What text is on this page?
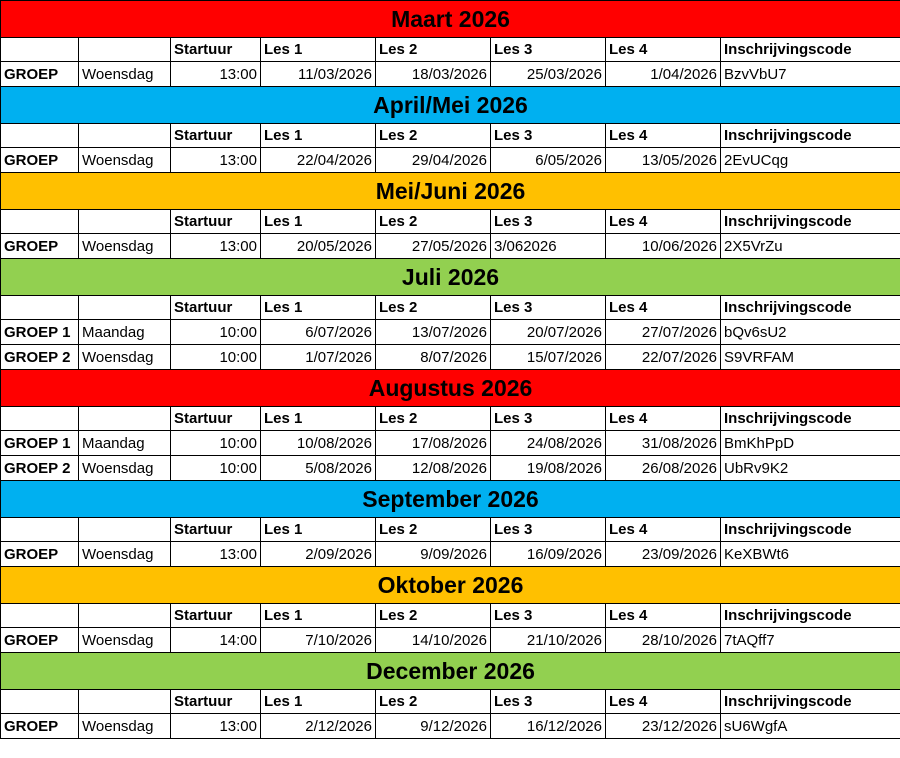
Maart 2026							
		Startuur	Les 1	Les 2	Les 3	Les 4	Inschrijvingscode
GROEP	Woensdag	13:00	11/03/2026	18/03/2026	25/03/2026	1/04/2026	BzvVbU7
April/Mei 2026							
		Startuur	Les 1	Les 2	Les 3	Les 4	Inschrijvingscode
GROEP	Woensdag	13:00	22/04/2026	29/04/2026	6/05/2026	13/05/2026	2EvUCqg
Mei/Juni 2026							
		Startuur	Les 1	Les 2	Les 3	Les 4	Inschrijvingscode
GROEP	Woensdag	13:00	20/05/2026	27/05/2026	3/062026	10/06/2026	2X5VrZu
Juli 2026							
		Startuur	Les 1	Les 2	Les 3	Les 4	Inschrijvingscode
GROEP 1	Maandag	10:00	6/07/2026	13/07/2026	20/07/2026	27/07/2026	bQv6sU2
GROEP 2	Woensdag	10:00	1/07/2026	8/07/2026	15/07/2026	22/07/2026	S9VRFAM
Augustus 2026							
		Startuur	Les 1	Les 2	Les 3	Les 4	Inschrijvingscode
GROEP 1	Maandag	10:00	10/08/2026	17/08/2026	24/08/2026	31/08/2026	BmKhPpD
GROEP 2	Woensdag	10:00	5/08/2026	12/08/2026	19/08/2026	26/08/2026	UbRv9K2
September 2026							
		Startuur	Les 1	Les 2	Les 3	Les 4	Inschrijvingscode
GROEP	Woensdag	13:00	2/09/2026	9/09/2026	16/09/2026	23/09/2026	KeXBWt6
Oktober 2026							
		Startuur	Les 1	Les 2	Les 3	Les 4	Inschrijvingscode
GROEP	Woensdag	14:00	7/10/2026	14/10/2026	21/10/2026	28/10/2026	7tAQff7
December 2026							
		Startuur	Les 1	Les 2	Les 3	Les 4	Inschrijvingscode
GROEP	Woensdag	13:00	2/12/2026	9/12/2026	16/12/2026	23/12/2026	sU6WgfA
